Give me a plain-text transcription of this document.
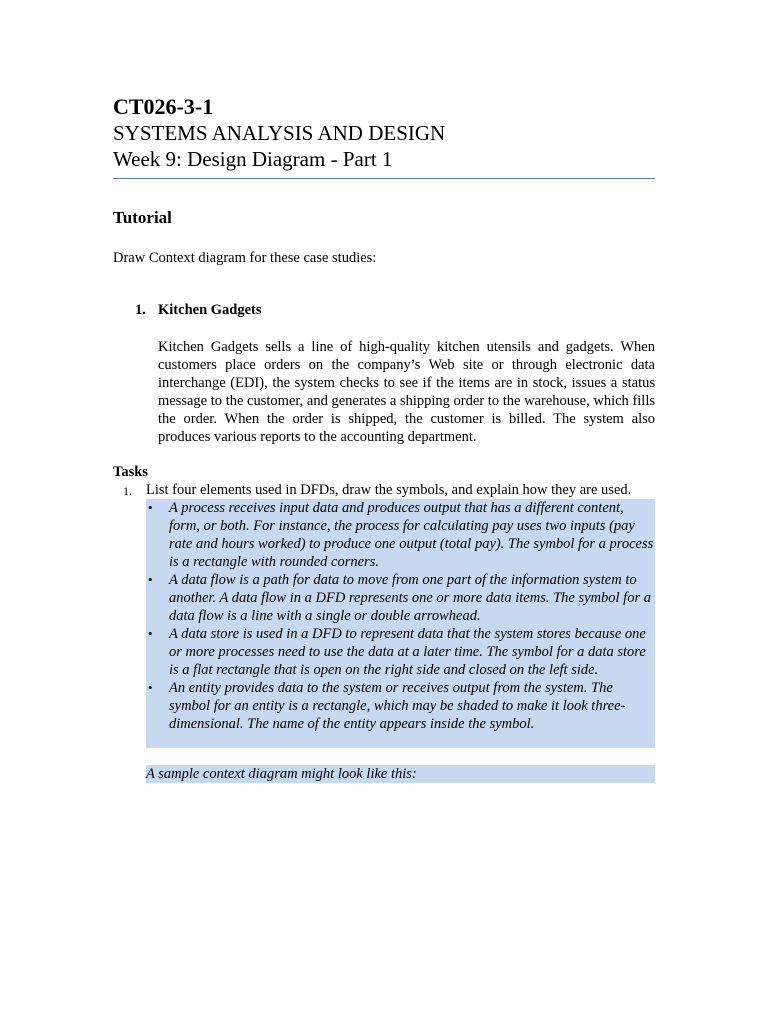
CT026-3-1
SYSTEMS ANALYSIS AND DESIGN
Week 9: Design Diagram - Part 1
Tutorial

Draw Context diagram for these case studies:

1. Kitchen Gadgets

Kitchen Gadgets sells a line of high-quality kitchen utensils and gadgets. When customers place orders on the company’s Web site or through electronic data interchange (EDI), the system checks to see if the items are in stock, issues a status message to the customer, and generates a shipping order to the warehouse, which fills the order. When the order is shipped, the customer is billed. The system also produces various reports to the accounting department.

Tasks
1. List four elements used in DFDs, draw the symbols, and explain how they are used.
• A process receives input data and produces output that has a different content, form, or both. For instance, the process for calculating pay uses two inputs (pay rate and hours worked) to produce one output (total pay). The symbol for a process is a rectangle with rounded corners.
• A data flow is a path for data to move from one part of the information system to another. A data flow in a DFD represents one or more data items. The symbol for a data flow is a line with a single or double arrowhead.
• A data store is used in a DFD to represent data that the system stores because one or more processes need to use the data at a later time. The symbol for a data store is a flat rectangle that is open on the right side and closed on the left side.
• An entity provides data to the system or receives output from the system. The symbol for an entity is a rectangle, which may be shaded to make it look three-dimensional. The name of the entity appears inside the symbol.

A sample context diagram might look like this:
